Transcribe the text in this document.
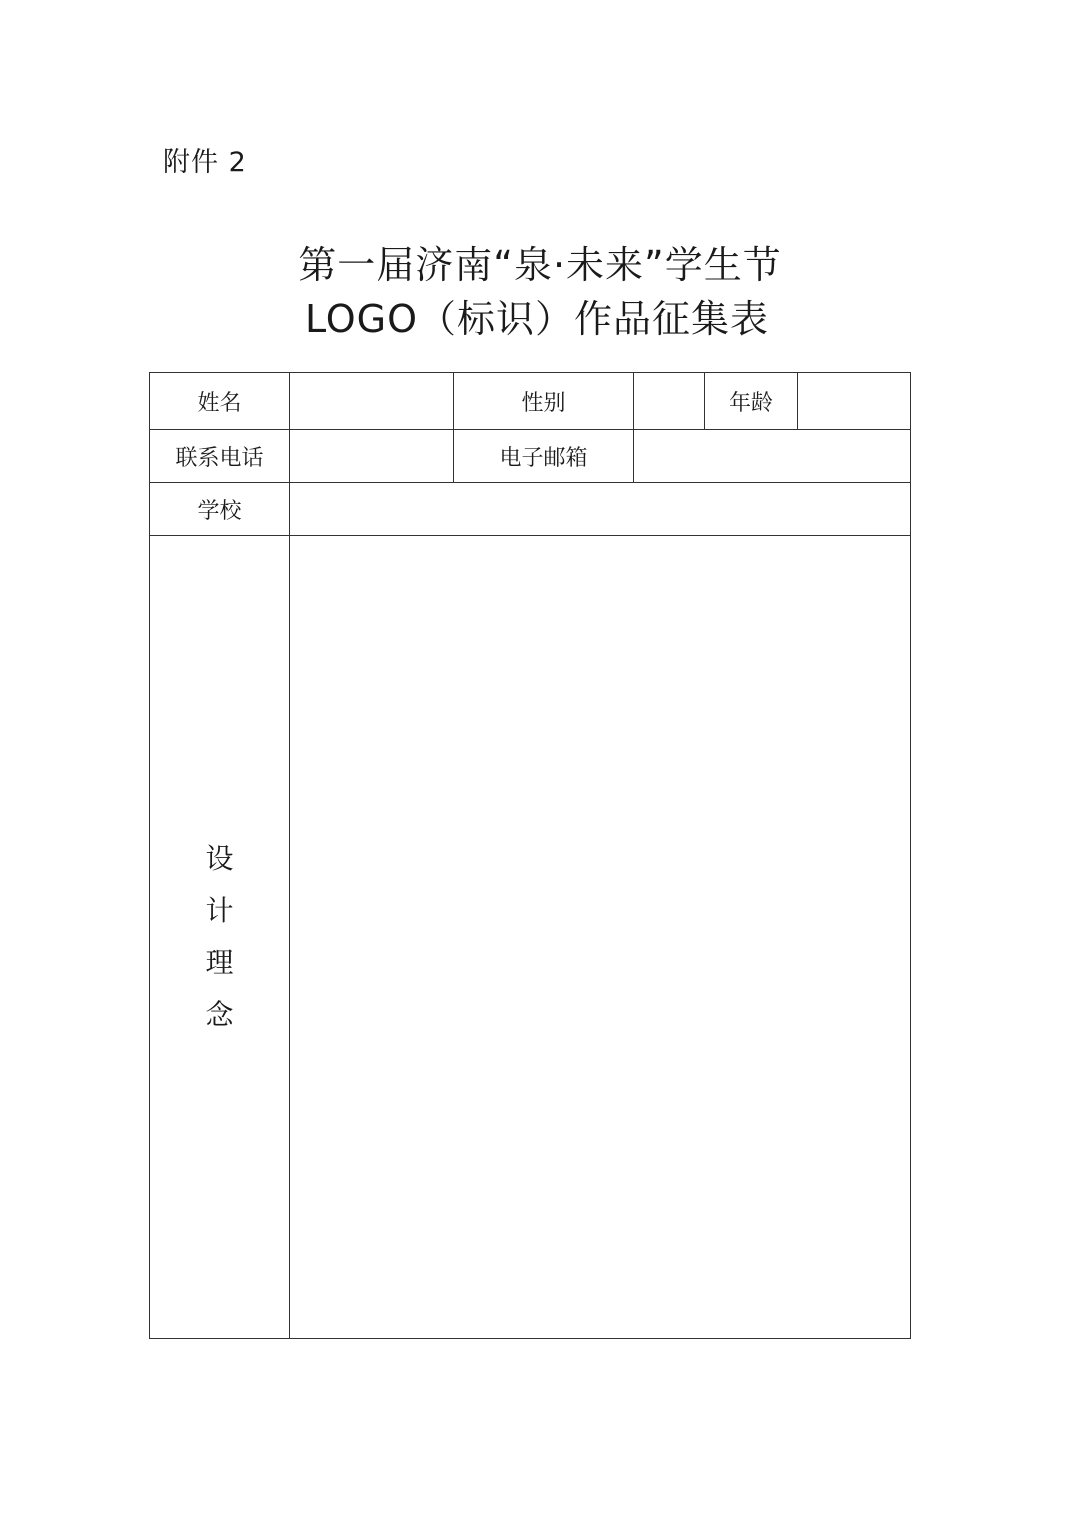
附件 2
第一届济南“泉·未来”学生节
LOGO（标识）作品征集表
姓名		性别		年龄	
联系电话		电子邮箱			
学校					

设
计
理
念					
